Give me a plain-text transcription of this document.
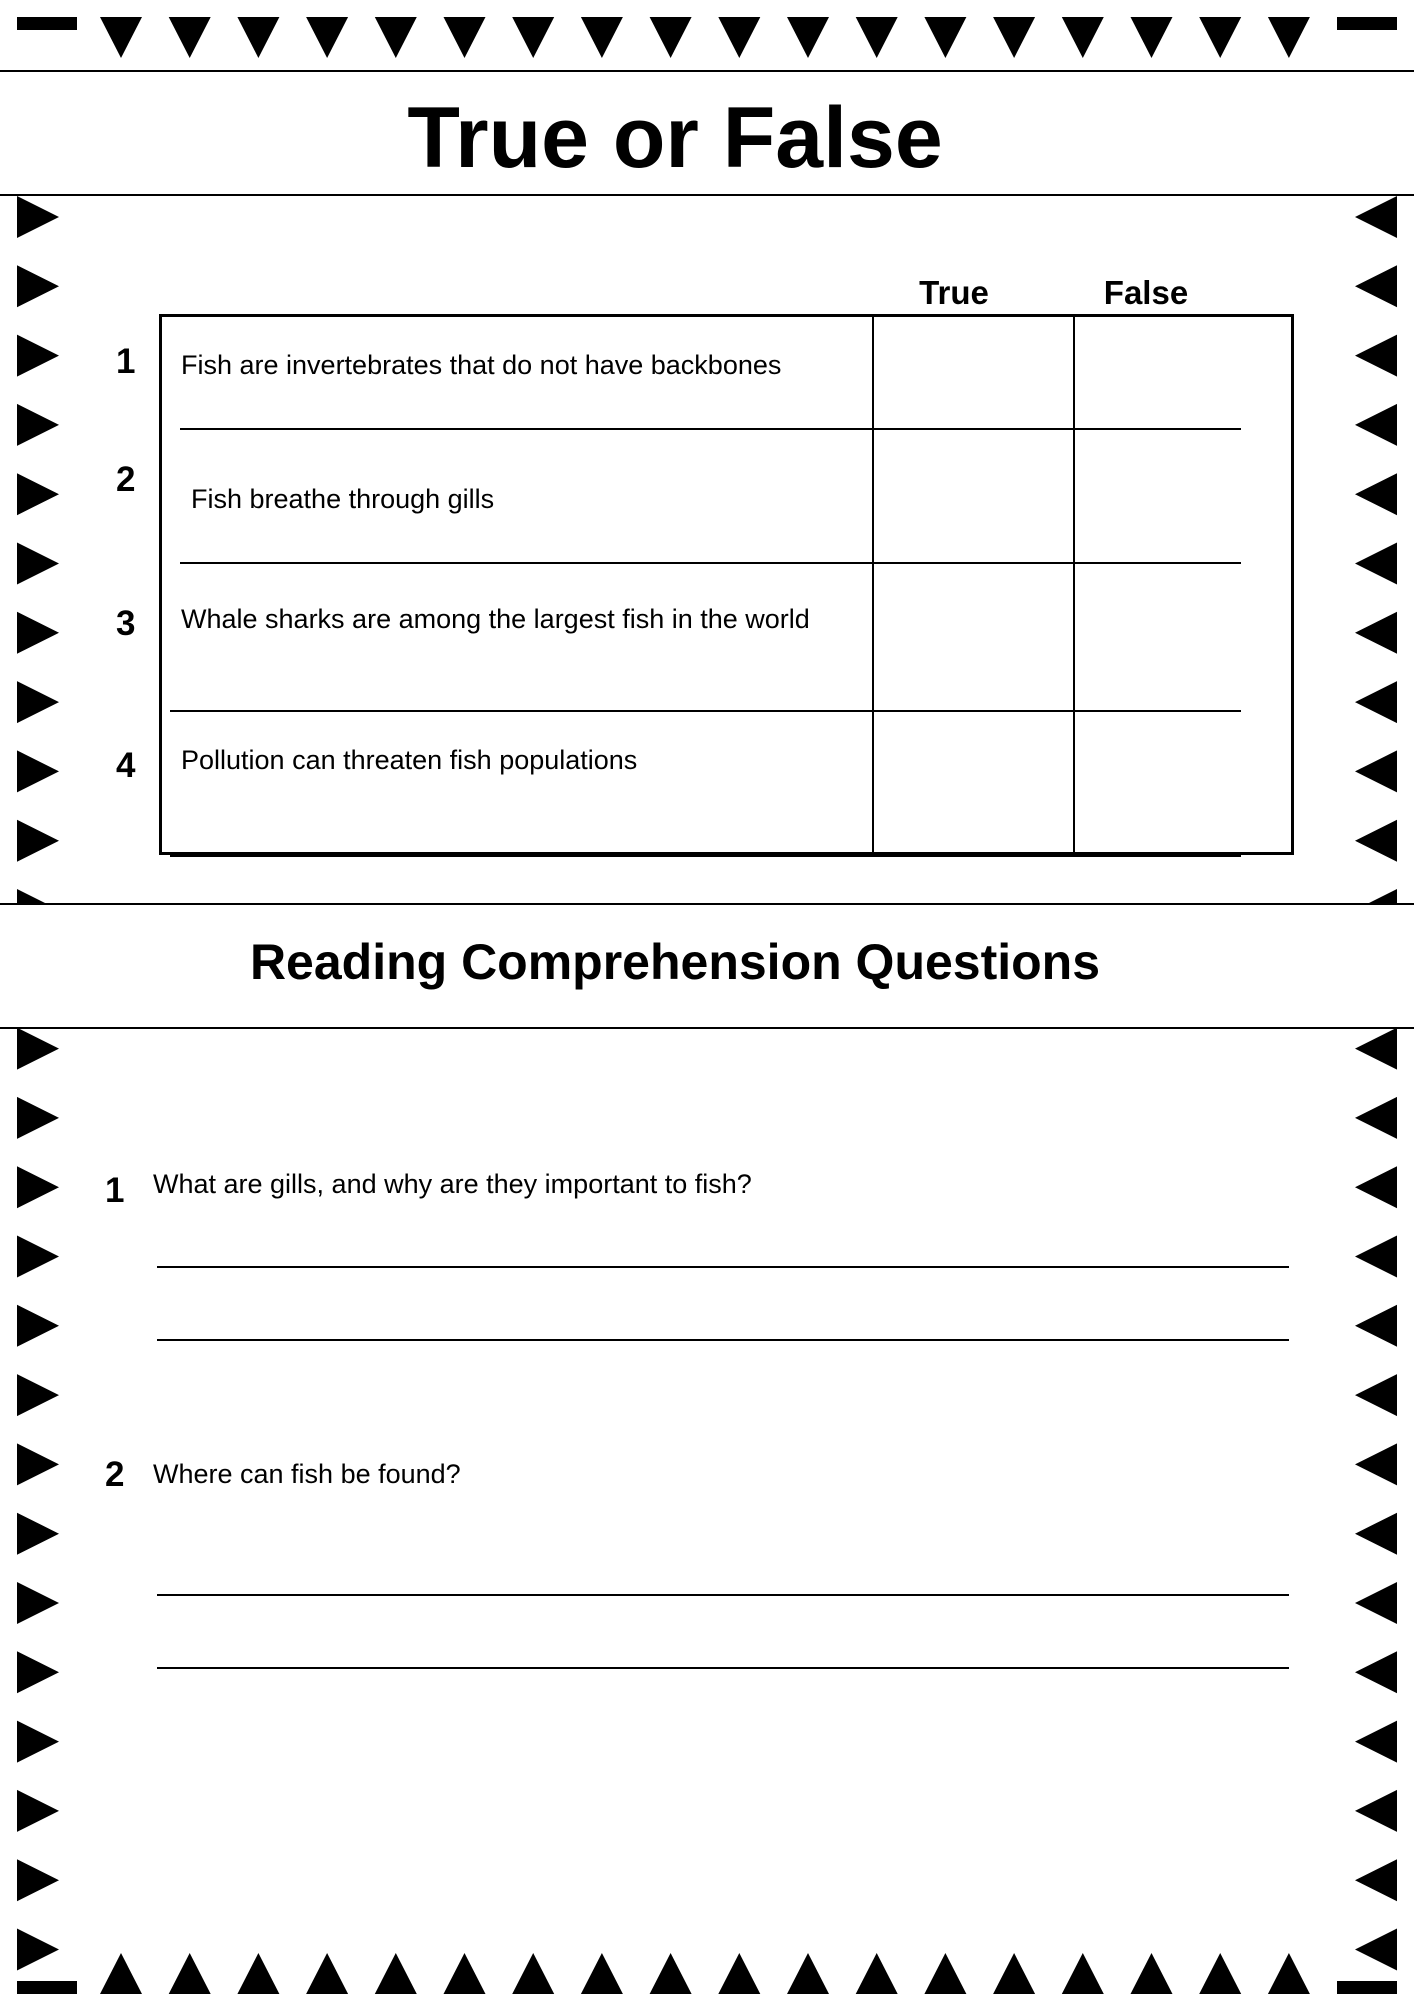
True or False
True	False
1 Fish are invertebrates that do not have backbones
2 Fish breathe through gills
3 Whale sharks are among the largest fish in the world
4 Pollution can threaten fish populations
Reading Comprehension Questions
1 What are gills, and why are they important to fish?
2 Where can fish be found?
